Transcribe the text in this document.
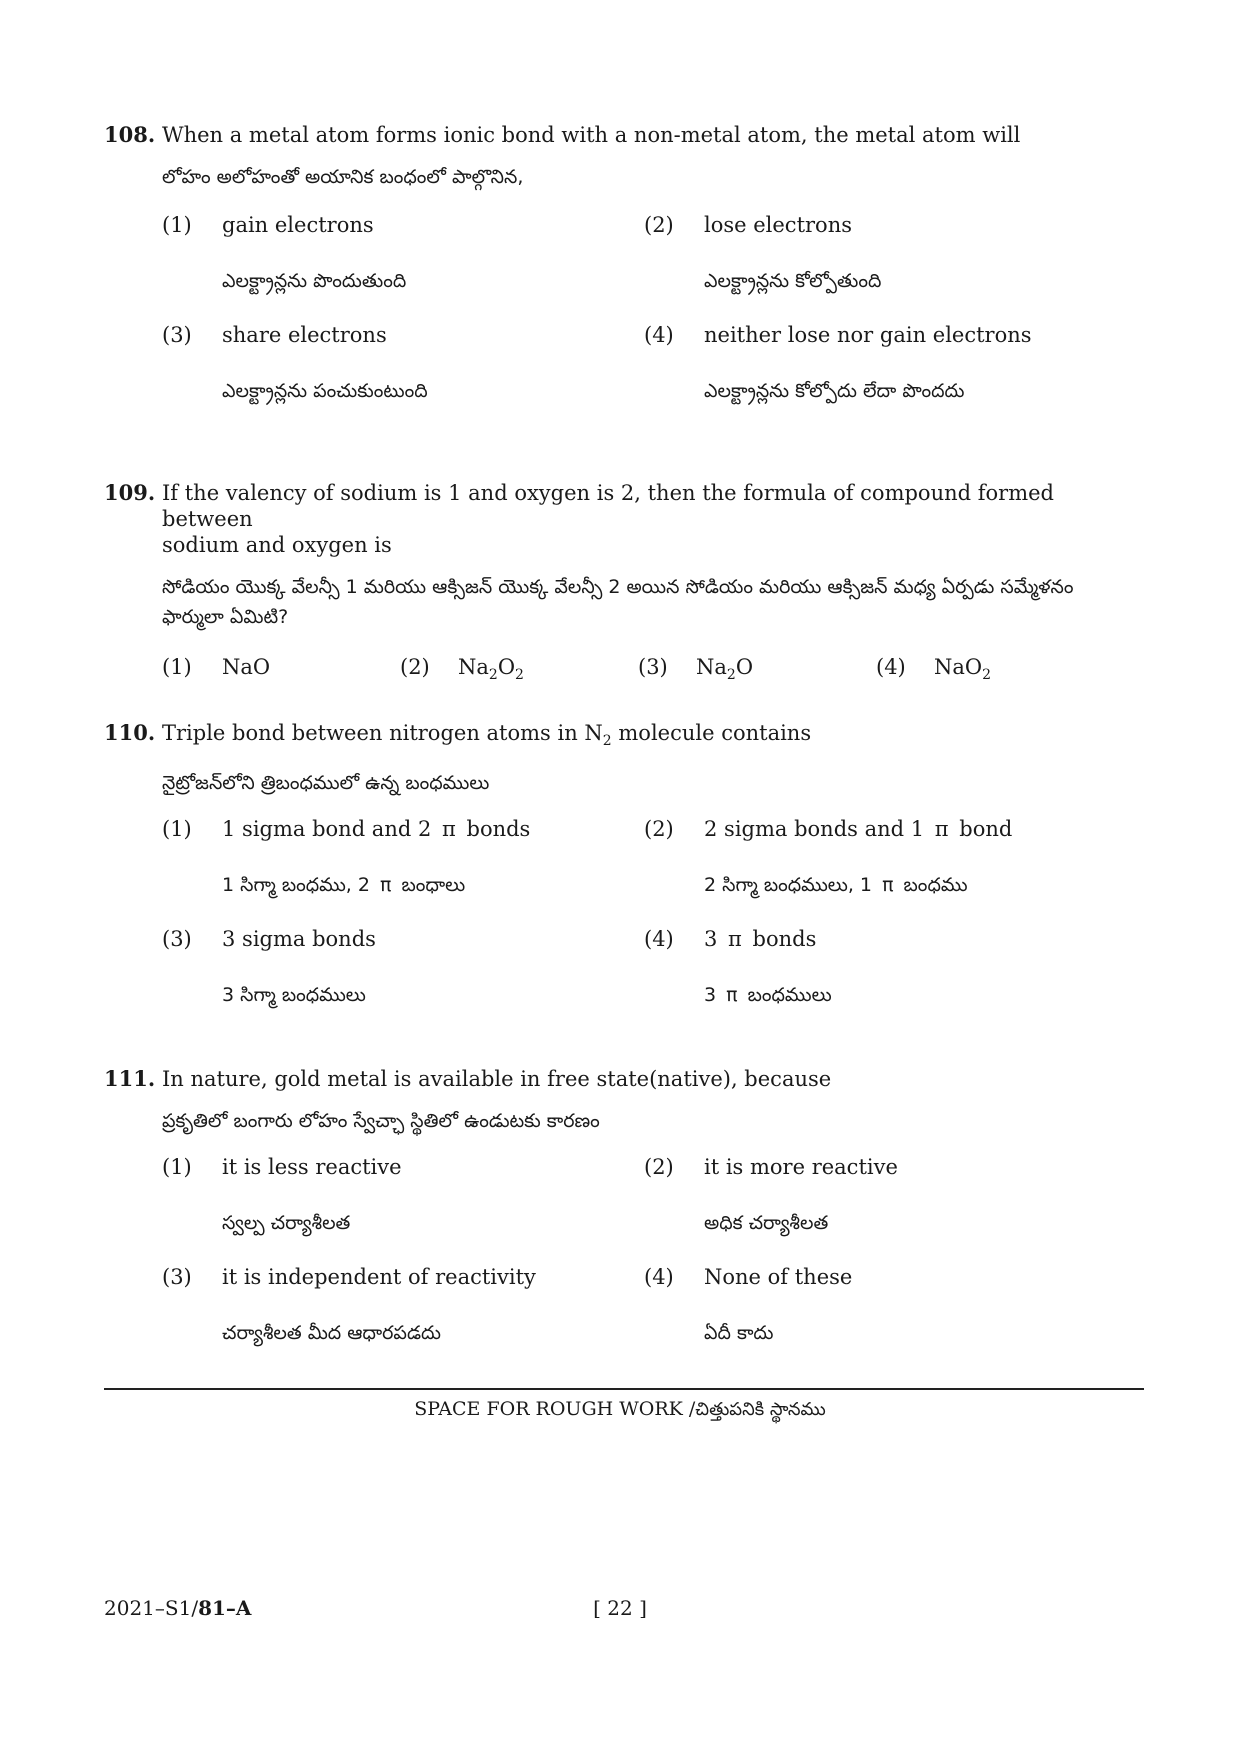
108. When a metal atom forms ionic bond with a non-metal atom, the metal atom will
లోహం అలోహంతో అయానిక బంధంలో పాల్గొనిన,
(1)	gain electrons
ఎలక్ట్రాన్లను పొందుతుంది
(2)	lose electrons
ఎలక్ట్రాన్లను కోల్పోతుంది
(3)	share electrons
ఎలక్ట్రాన్లను పంచుకుంటుంది
(4)	neither lose nor gain electrons
ఎలక్ట్రాన్లను కోల్పోదు లేదా పొందదు
109. If the valency of sodium is 1 and oxygen is 2, then the formula of compound formed between
sodium and oxygen is
సోడియం యొక్క వేలన్సీ 1 మరియు ఆక్సిజన్ యొక్క వేలన్సీ 2 అయిన సోడియం మరియు ఆక్సిజన్ మధ్య ఏర్పడు సమ్మేళనం
ఫార్ములా ఏమిటి?
(1)	NaO	(2)	$Na_2O_2$	(3)	$Na_2O$	(4)	NaO$_2$
110. Triple bond between nitrogen atoms in $N_2$ molecule contains
నైట్రోజన్‌లోని త్రిబంధములో ఉన్న బంధములు
(1)	1 sigma bond and 2 π bonds
1 సిగ్మా బంధము, 2 π బంధాలు
(2)	2 sigma bonds and 1 π bond
2 సిగ్మా బంధములు, 1 π బంధము
(3)	3 sigma bonds
3 సిగ్మా బంధములు
(4)	3 π bonds
3 π బంధములు
111. In nature, gold metal is available in free state(native), because
ప్రకృతిలో బంగారు లోహం స్వేచ్ఛా స్థితిలో ఉండుటకు కారణం
(1)	it is less reactive
స్వల్ప చర్యాశీలత
(2)	it is more reactive
అధిక చర్యాశీలత
(3)	it is independent of reactivity
చర్యాశీలత మీద ఆధారపడదు
(4)	None of these
ఏదీ కాదు
SPACE FOR ROUGH WORK /చిత్తుపనికి స్థానము
2021–S1/81–A	[ 22 ]
